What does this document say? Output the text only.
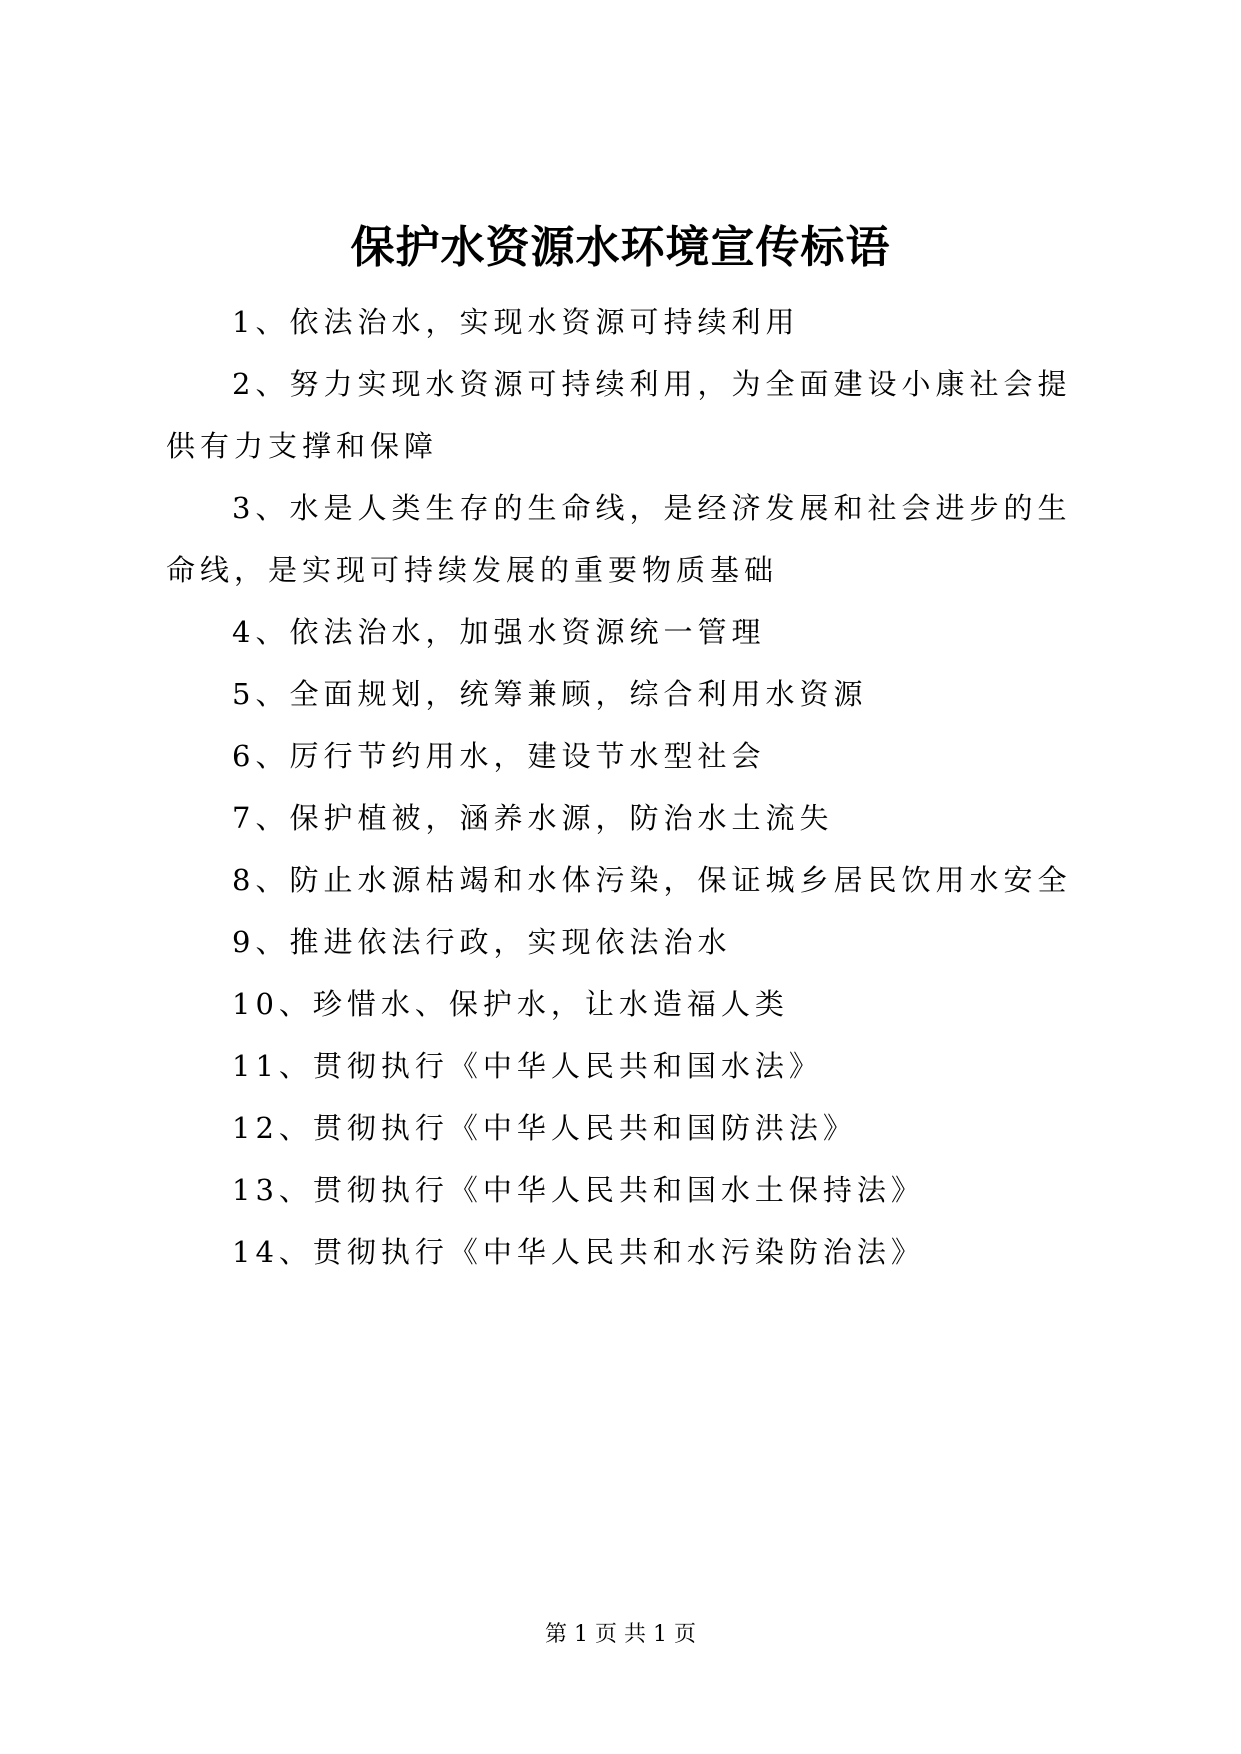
保护水资源水环境宣传标语

1、依法治水，实现水资源可持续利用

2、努力实现水资源可持续利用，为全面建设小康社会提供有力支撑和保障

3、水是人类生存的生命线，是经济发展和社会进步的生命线，是实现可持续发展的重要物质基础

4、依法治水，加强水资源统一管理

5、全面规划，统筹兼顾，综合利用水资源

6、厉行节约用水，建设节水型社会

7、保护植被，涵养水源，防治水土流失

8、防止水源枯竭和水体污染，保证城乡居民饮用水安全

9、推进依法行政，实现依法治水

10、珍惜水、保护水，让水造福人类

11、贯彻执行《中华人民共和国水法》

12、贯彻执行《中华人民共和国防洪法》

13、贯彻执行《中华人民共和国水土保持法》

14、贯彻执行《中华人民共和水污染防治法》

第 1 页 共 1 页
